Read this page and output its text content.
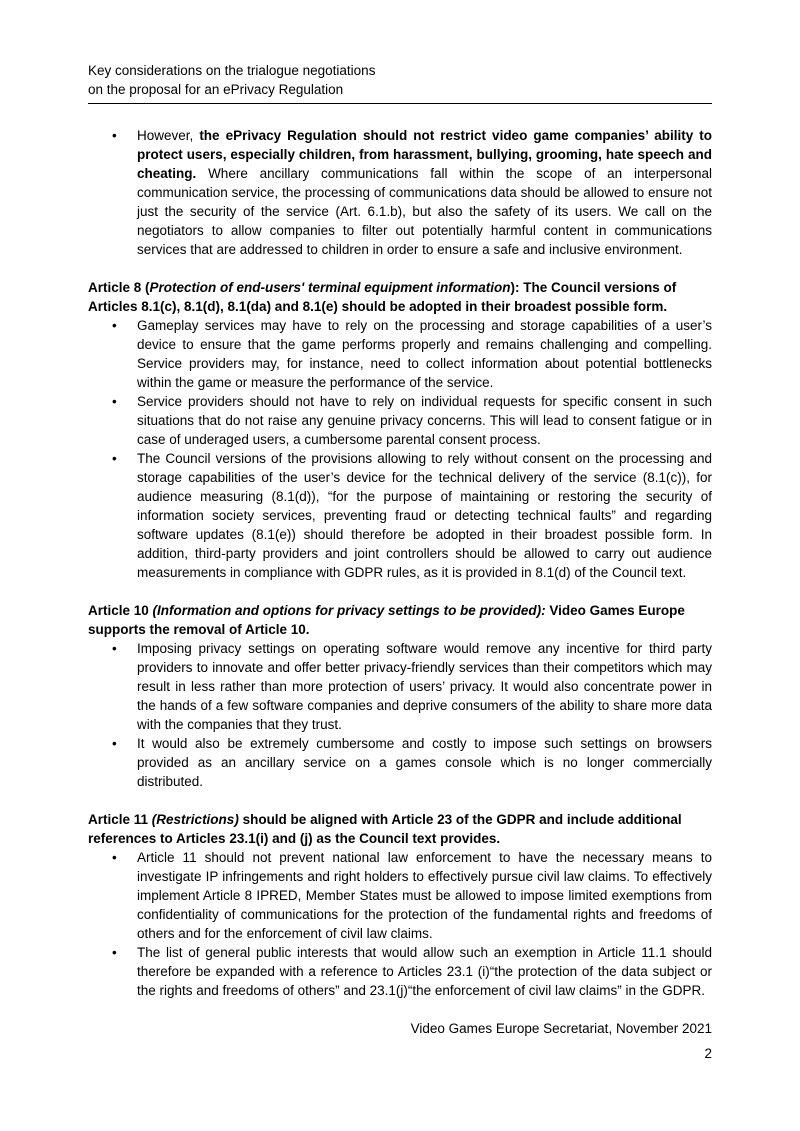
Key considerations on the trialogue negotiations
on the proposal for an ePrivacy Regulation
• However, the ePrivacy Regulation should not restrict video game companies’ ability to protect users, especially children, from harassment, bullying, grooming, hate speech and cheating. Where ancillary communications fall within the scope of an interpersonal communication service, the processing of communications data should be allowed to ensure not just the security of the service (Art. 6.1.b), but also the safety of its users. We call on the negotiators to allow companies to filter out potentially harmful content in communications services that are addressed to children in order to ensure a safe and inclusive environment.
Article 8 (Protection of end-users' terminal equipment information): The Council versions of Articles 8.1(c), 8.1(d), 8.1(da) and 8.1(e) should be adopted in their broadest possible form.
• Gameplay services may have to rely on the processing and storage capabilities of a user’s device to ensure that the game performs properly and remains challenging and compelling. Service providers may, for instance, need to collect information about potential bottlenecks within the game or measure the performance of the service.
• Service providers should not have to rely on individual requests for specific consent in such situations that do not raise any genuine privacy concerns. This will lead to consent fatigue or in case of underaged users, a cumbersome parental consent process.
• The Council versions of the provisions allowing to rely without consent on the processing and storage capabilities of the user’s device for the technical delivery of the service (8.1(c)), for audience measuring (8.1(d)), “for the purpose of maintaining or restoring the security of information society services, preventing fraud or detecting technical faults” and regarding software updates (8.1(e)) should therefore be adopted in their broadest possible form. In addition, third-party providers and joint controllers should be allowed to carry out audience measurements in compliance with GDPR rules, as it is provided in 8.1(d) of the Council text.
Article 10 (Information and options for privacy settings to be provided): Video Games Europe supports the removal of Article 10.
• Imposing privacy settings on operating software would remove any incentive for third party providers to innovate and offer better privacy-friendly services than their competitors which may result in less rather than more protection of users’ privacy. It would also concentrate power in the hands of a few software companies and deprive consumers of the ability to share more data with the companies that they trust.
• It would also be extremely cumbersome and costly to impose such settings on browsers provided as an ancillary service on a games console which is no longer commercially distributed.
Article 11 (Restrictions) should be aligned with Article 23 of the GDPR and include additional references to Articles 23.1(i) and (j) as the Council text provides.
• Article 11 should not prevent national law enforcement to have the necessary means to investigate IP infringements and right holders to effectively pursue civil law claims. To effectively implement Article 8 IPRED, Member States must be allowed to impose limited exemptions from confidentiality of communications for the protection of the fundamental rights and freedoms of others and for the enforcement of civil law claims.
• The list of general public interests that would allow such an exemption in Article 11.1 should therefore be expanded with a reference to Articles 23.1 (i)“the protection of the data subject or the rights and freedoms of others” and 23.1(j)“the enforcement of civil law claims” in the GDPR.
Video Games Europe Secretariat, November 2021
2
